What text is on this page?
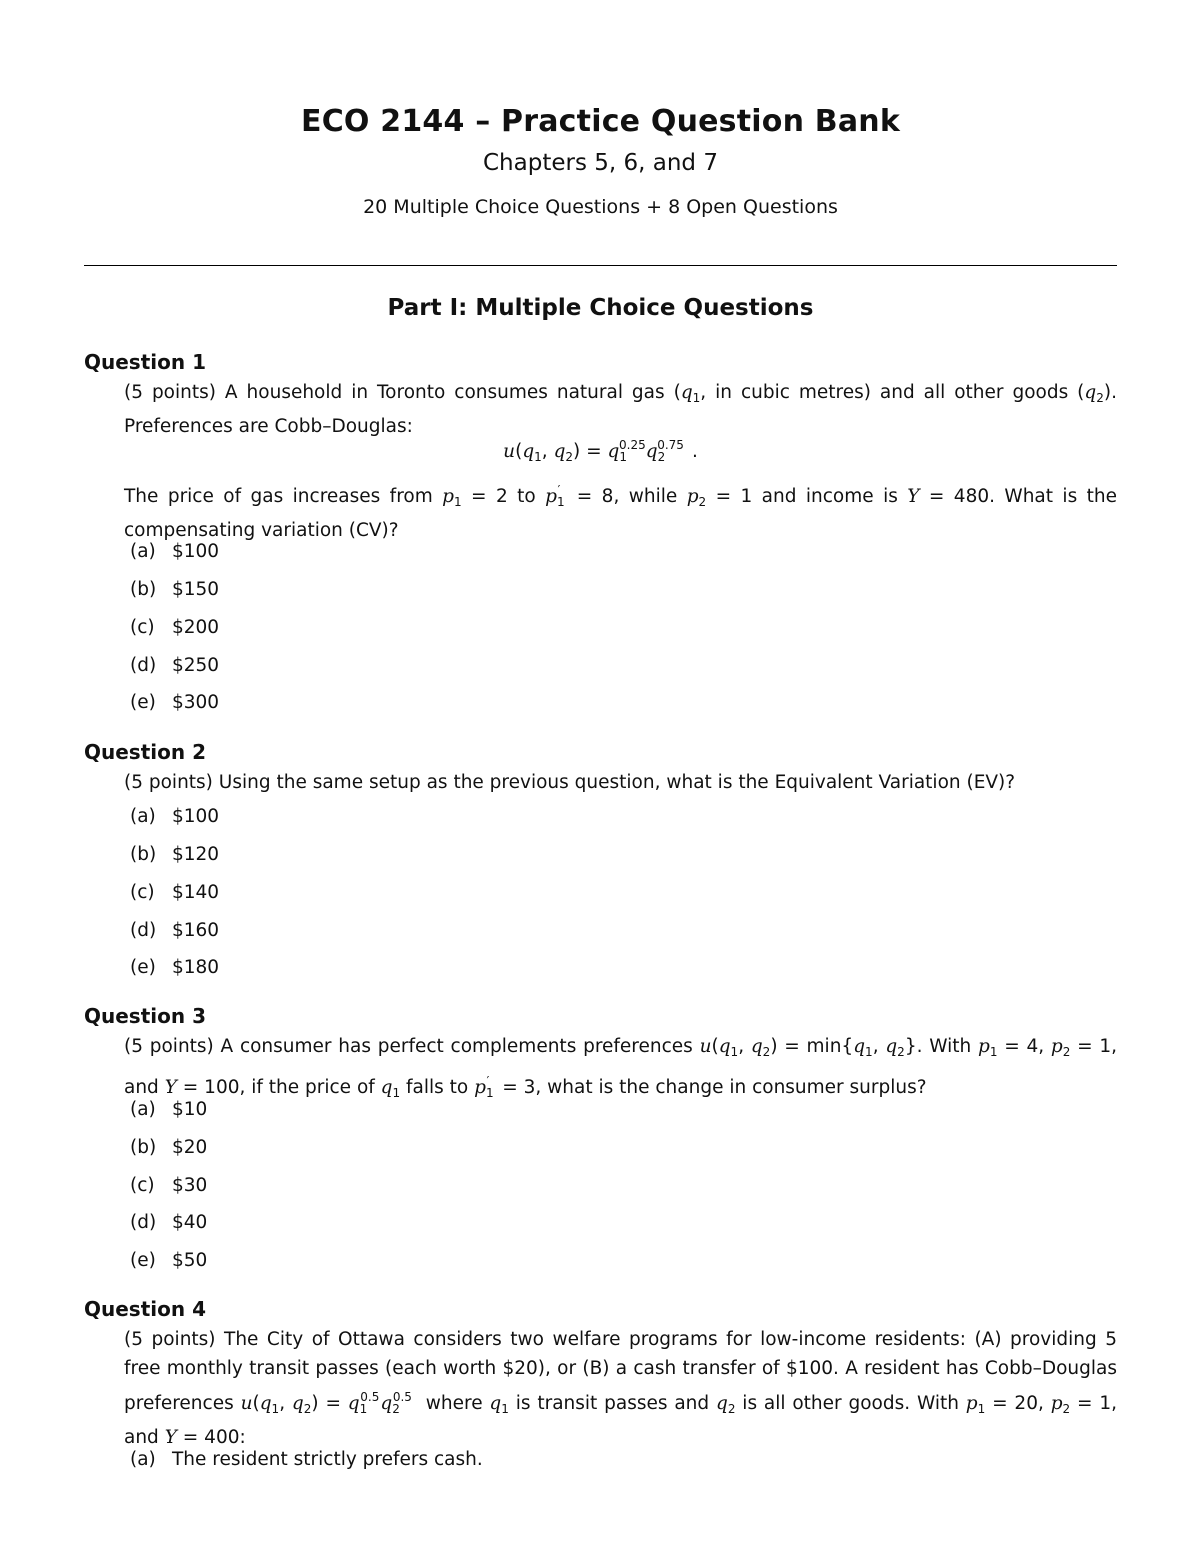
ECO 2144 – Practice Question Bank
Chapters 5, 6, and 7
20 Multiple Choice Questions + 8 Open Questions
Part I: Multiple Choice Questions
Question 1
(5 points) A household in Toronto consumes natural gas ($q_1$, in cubic metres) and all other goods $(q_2)$. Preferences are Cobb–Douglas:
$u(q_1$, $q_2) = q_1^{0.25}q_2^{0.75}$ .
The price of gas increases from $p_1 = 2$ to $p_1' = 8$, while $p_2 = 1$ and income is Y = 480. What is the compensating variation (CV)?
(a) $100
(b) $150
(c) $200
(d) $250
(e) $300
Question 2
(5 points) Using the same setup as the previous question, what is the Equivalent Variation (EV)?
(a) $100
(b) $120
(c) $140
(d) $160
(e) $180
Question 3
(5 points) A consumer has perfect complements preferences $u(q_1$, $q_2) = \min\{q_1$, $q_2$}. With $p_1 = 4$, $p_2 = 1$, and Y = 100, if the price of $q_1$ falls to $p_1' = 3$, what is the change in consumer surplus?
(a) $10
(b) $20
(c) $30
(d) $40
(e) $50
Question 4
(5 points) The City of Ottawa considers two welfare programs for low-income residents: (A) providing 5 free monthly transit passes (each worth $20), or (B) a cash transfer of $100. A resident has Cobb–Douglas preferences $u(q_1$, $q_2) = q_1^{0.5}q_2^{0.5}$ where $q_1$ is transit passes and $q_2$ is all other goods. With $p_1 = 20$, $p_2 = 1$, and Y = 400:
(a) The resident strictly prefers cash.
